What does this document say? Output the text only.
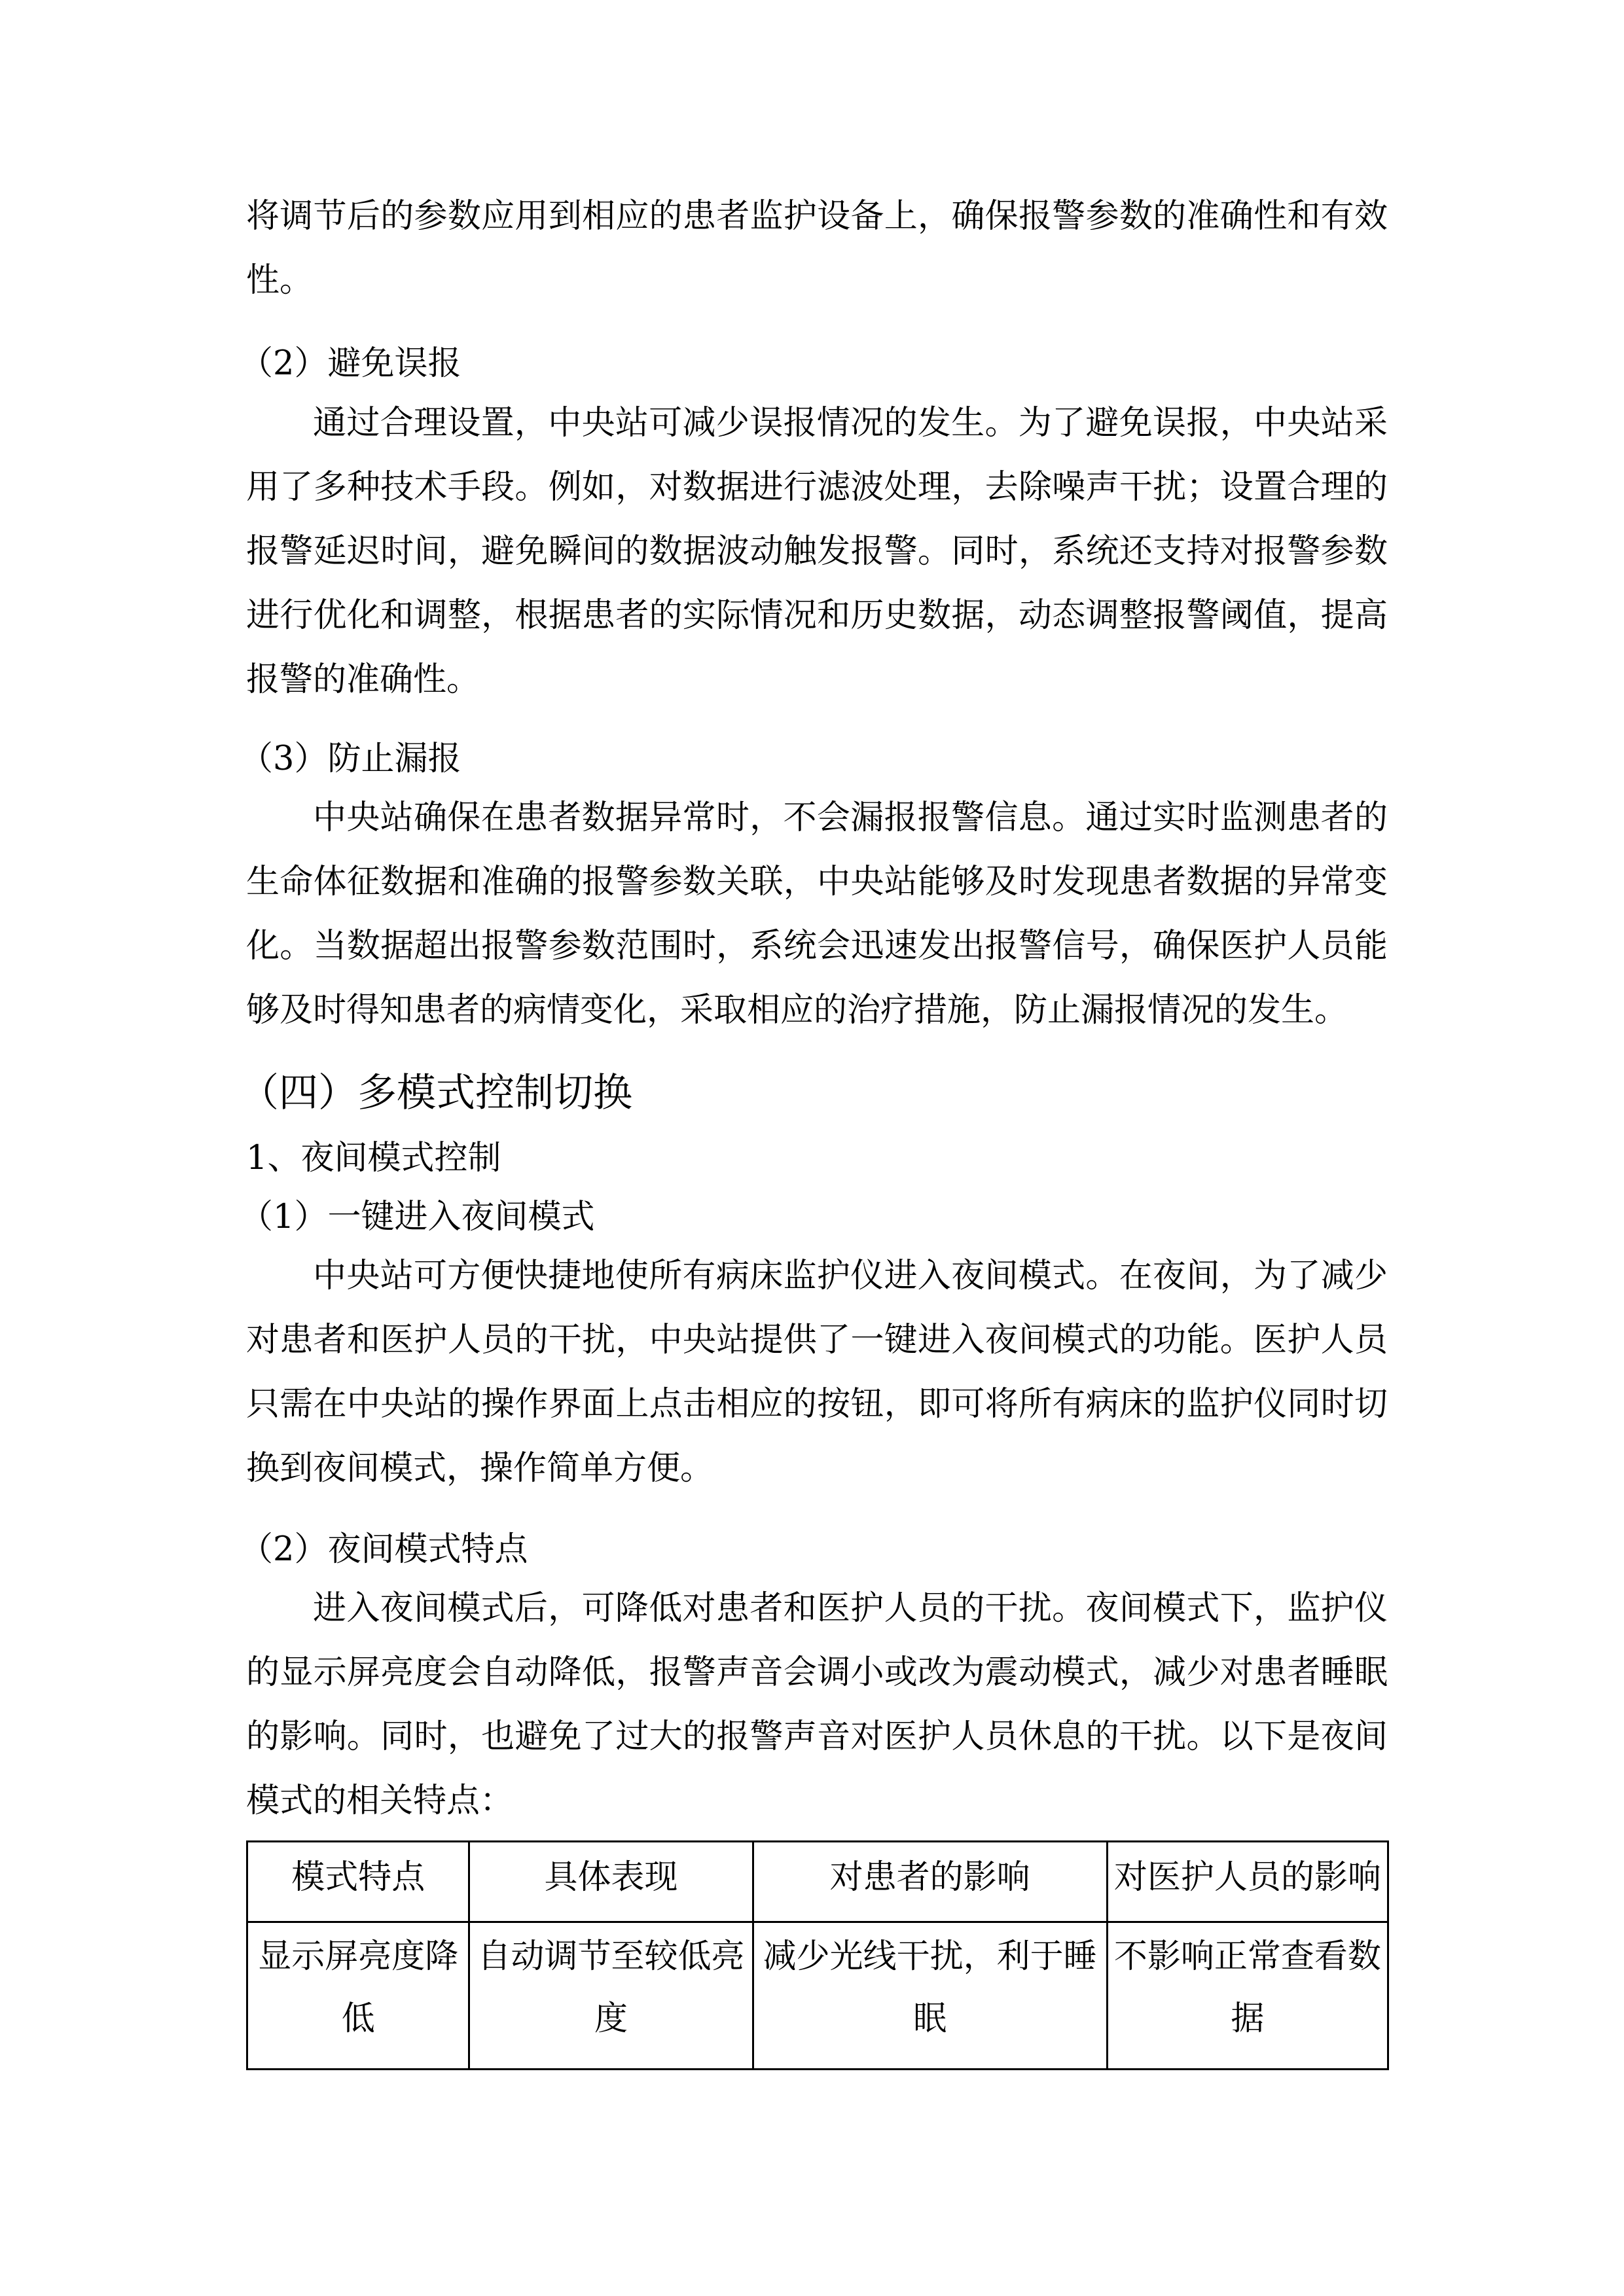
将调节后的参数应用到相应的患者监护设备上，确保报警参数的准确性和有效性。

（2）避免误报

通过合理设置，中央站可减少误报情况的发生。为了避免误报，中央站采用了多种技术手段。例如，对数据进行滤波处理，去除噪声干扰；设置合理的报警延迟时间，避免瞬间的数据波动触发报警。同时，系统还支持对报警参数进行优化和调整，根据患者的实际情况和历史数据，动态调整报警阈值，提高报警的准确性。

（3）防止漏报

中央站确保在患者数据异常时，不会漏报报警信息。通过实时监测患者的生命体征数据和准确的报警参数关联，中央站能够及时发现患者数据的异常变化。当数据超出报警参数范围时，系统会迅速发出报警信号，确保医护人员能够及时得知患者的病情变化，采取相应的治疗措施，防止漏报情况的发生。

（四）多模式控制切换

1、夜间模式控制

（1）一键进入夜间模式

中央站可方便快捷地使所有病床监护仪进入夜间模式。在夜间，为了减少对患者和医护人员的干扰，中央站提供了一键进入夜间模式的功能。医护人员只需在中央站的操作界面上点击相应的按钮，即可将所有病床的监护仪同时切换到夜间模式，操作简单方便。

（2）夜间模式特点

进入夜间模式后，可降低对患者和医护人员的干扰。夜间模式下，监护仪的显示屏亮度会自动降低，报警声音会调小或改为震动模式，减少对患者睡眠的影响。同时，也避免了过大的报警声音对医护人员休息的干扰。以下是夜间模式的相关特点：

模式特点	具体表现	对患者的影响	对医护人员的影响
显示屏亮度降低	自动调节至较低亮度	减少光线干扰，利于睡眠	不影响正常查看数据
